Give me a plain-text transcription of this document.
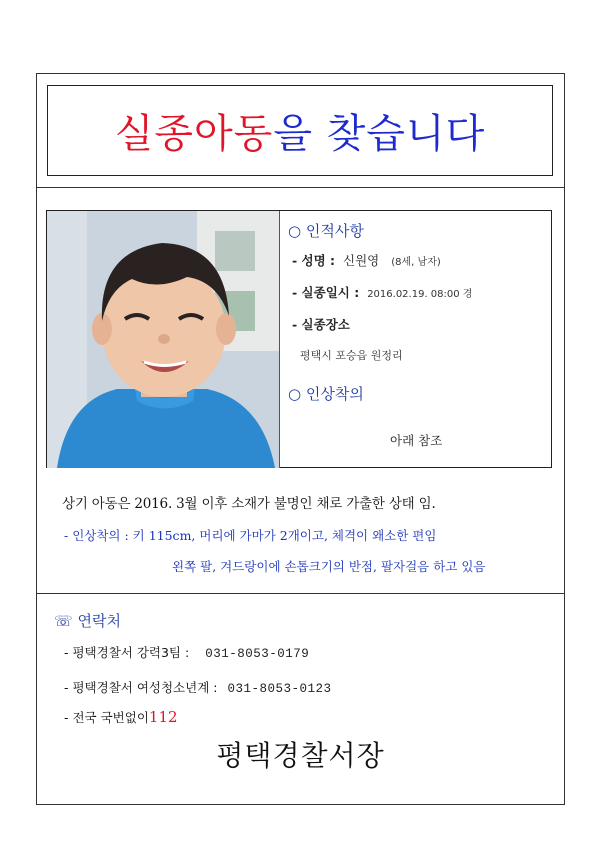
실종아동 을 찾습니다
○ 인적사항
- 성명 : 신원영 (8세, 남자)
- 실종일시 : 2016.02.19. 08:00 경
- 실종장소
평택시 포승읍 원정리
○ 인상착의
아래 참조
상기 아동은 2016. 3월 이후 소재가 불명인 채로 가출한 상태 임.
- 인상착의 : 키 115cm, 머리에 가마가 2개이고, 체격이 왜소한 편임
왼쪽 팔, 겨드랑이에 손톱크기의 반점, 팔자걸음 하고 있음
☏ 연락처
- 평택경찰서 강력3팀 : 031-8053-0179
- 평택경찰서 여성청소년계 : 031-8053-0123
- 전국 국번없이112
평택경찰서장
